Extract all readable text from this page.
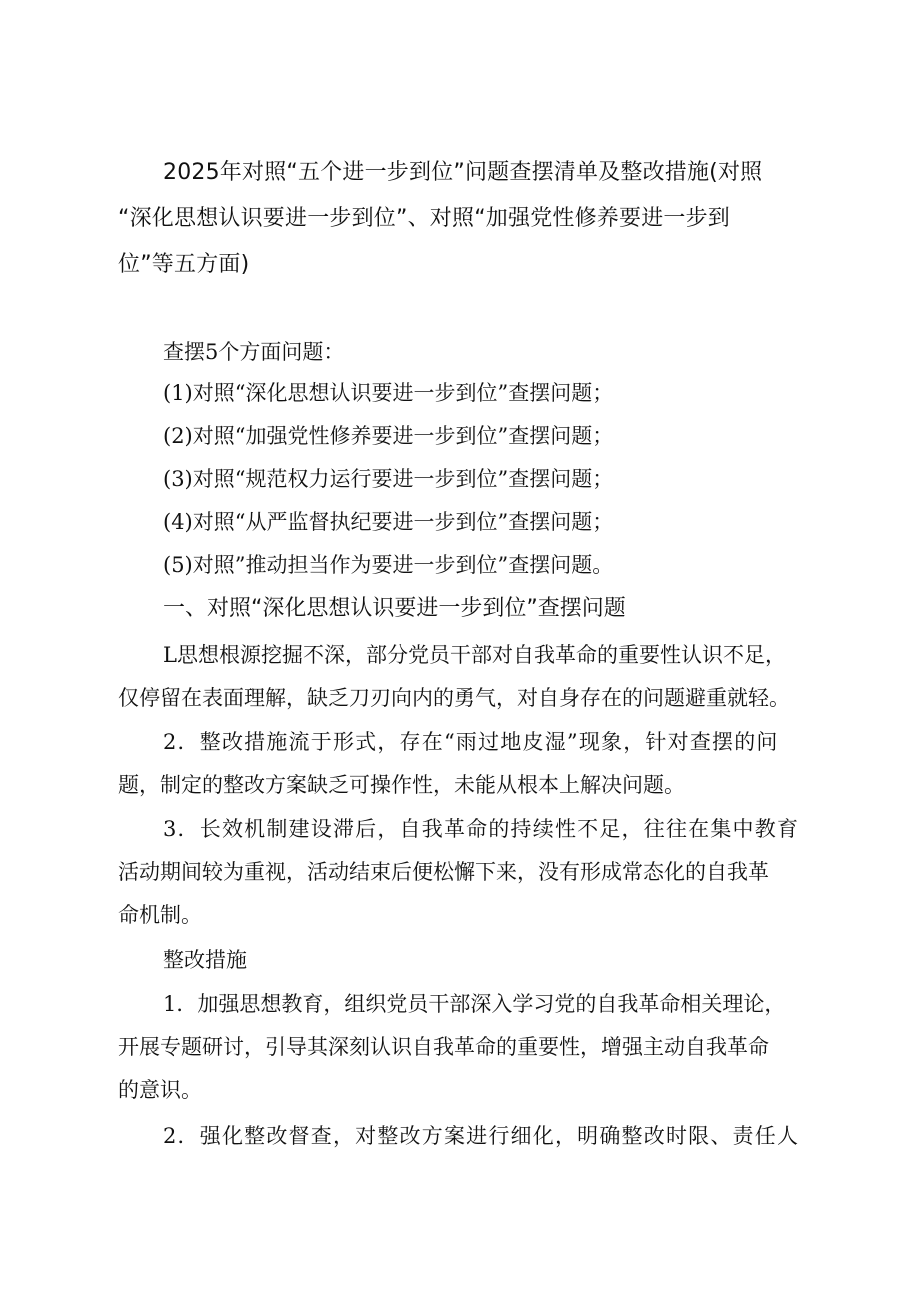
2025年对照“五个进一步到位”问题查摆清单及整改措施(对照

“深化思想认识要进一步到位”、对照“加强党性修养要进一步到

位”等五方面)

查摆5个方面问题：

(1)对照“深化思想认识要进一步到位”查摆问题；

(2)对照“加强党性修养要进一步到位”查摆问题；

(3)对照“规范权力运行要进一步到位”查摆问题；

(4)对照“从严监督执纪要进一步到位”查摆问题；

(5)对照”推动担当作为要进一步到位”查摆问题。

一、对照“深化思想认识要进一步到位”查摆问题

L思想根源挖掘不深，部分党员干部对自我革命的重要性认识不足，

仅停留在表面理解，缺乏刀刃向内的勇气，对自身存在的问题避重就轻。

2．整改措施流于形式，存在“雨过地皮湿”现象，针对查摆的问

题，制定的整改方案缺乏可操作性，未能从根本上解决问题。

3．长效机制建设滞后，自我革命的持续性不足，往往在集中教育

活动期间较为重视，活动结束后便松懈下来，没有形成常态化的自我革

命机制。

整改措施

1．加强思想教育，组织党员干部深入学习党的自我革命相关理论，

开展专题研讨，引导其深刻认识自我革命的重要性，增强主动自我革命

的意识。

2．强化整改督查，对整改方案进行细化，明确整改时限、责任人
